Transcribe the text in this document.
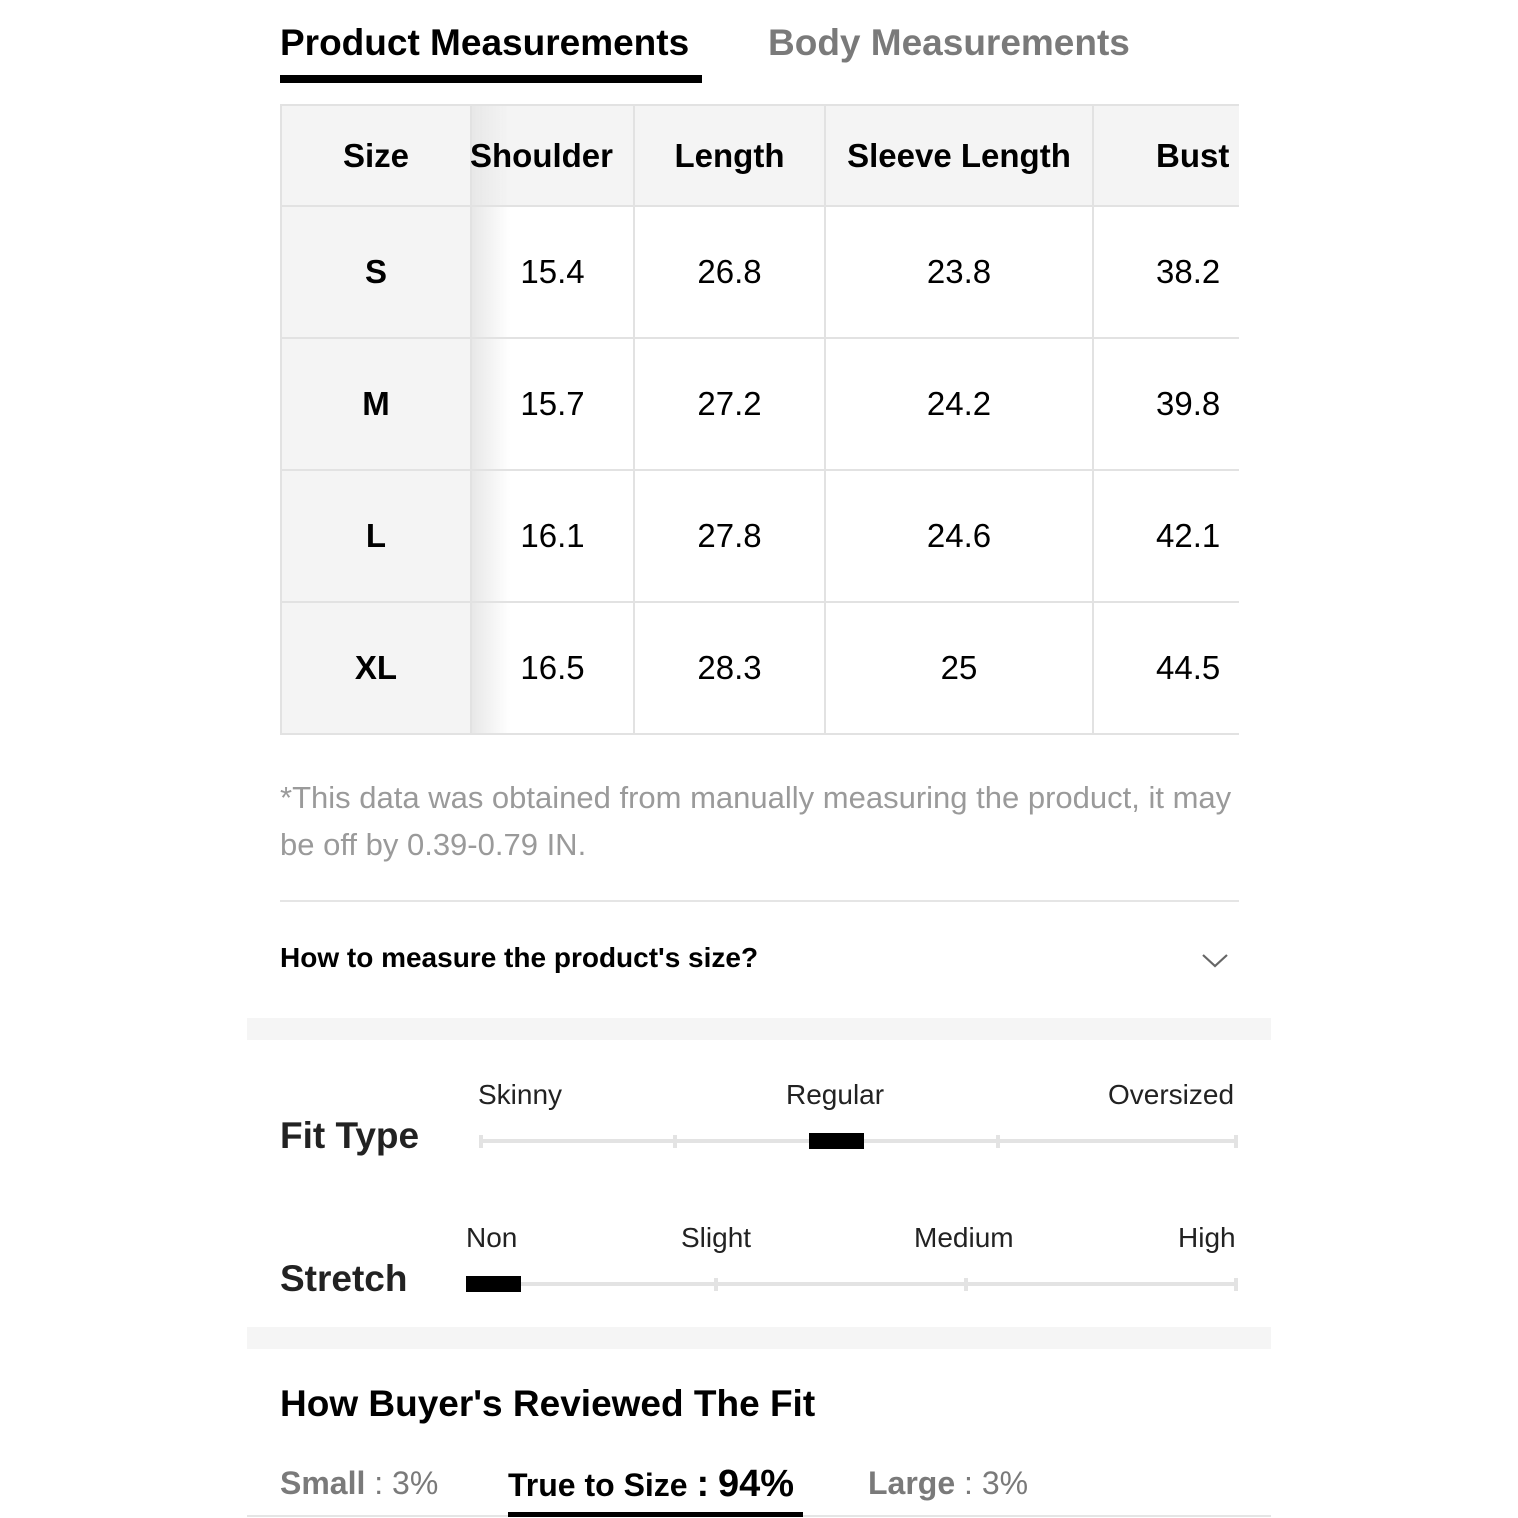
Product Measurements Body Measurements
Size	Shoulder	Length	Sleeve Length	Bust
S	15.4	26.8	23.8	38.2
M	15.7	27.2	24.2	39.8
L	16.1	27.8	24.6	42.1
XL	16.5	28.3	25	44.5
*This data was obtained from manually measuring the product, it may be off by 0.39-0.79 IN.
How to measure the product's size?
Fit Type
Skinny	Regular	Oversized
Stretch
Non	Slight	Medium	High
How Buyer's Reviewed The Fit
Small : 3% True to Size : 94% Large : 3%
